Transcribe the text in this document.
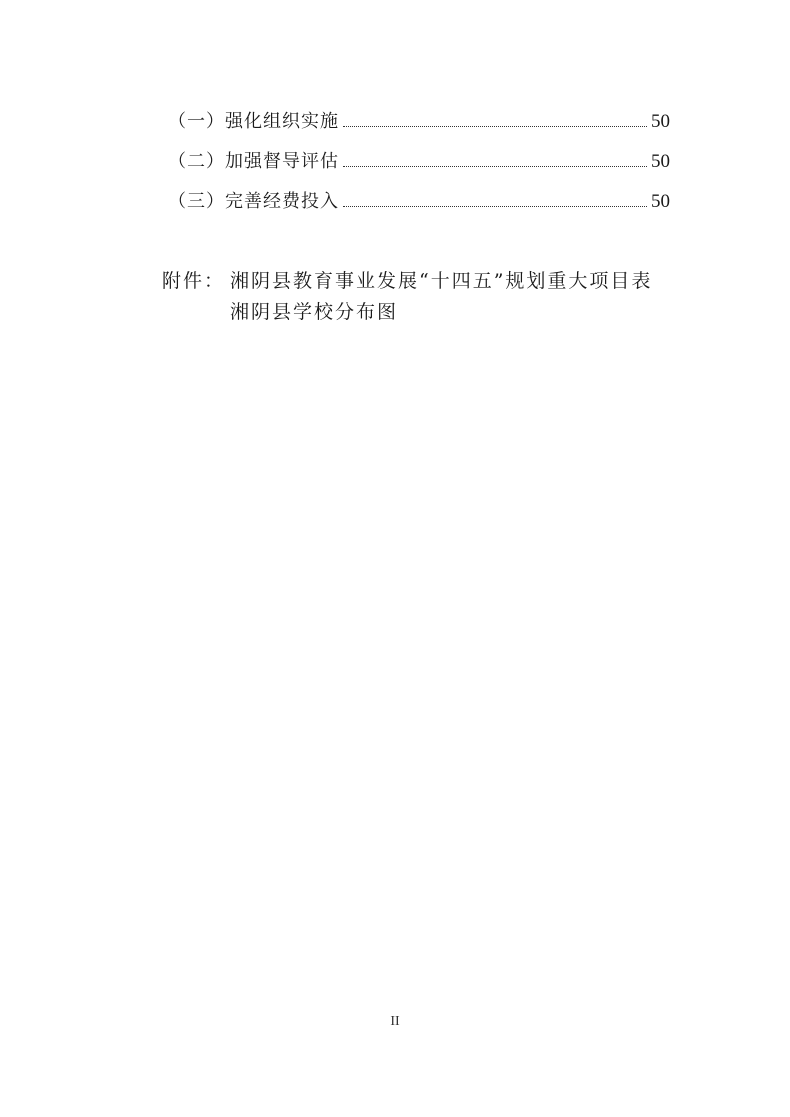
（一） 强化组织实施	50
（二） 加强督导评估	50
（三） 完善经费投入	50
附件： 湘阴县教育事业发展“十四五”规划重大项目表
湘阴县学校分布图
II
